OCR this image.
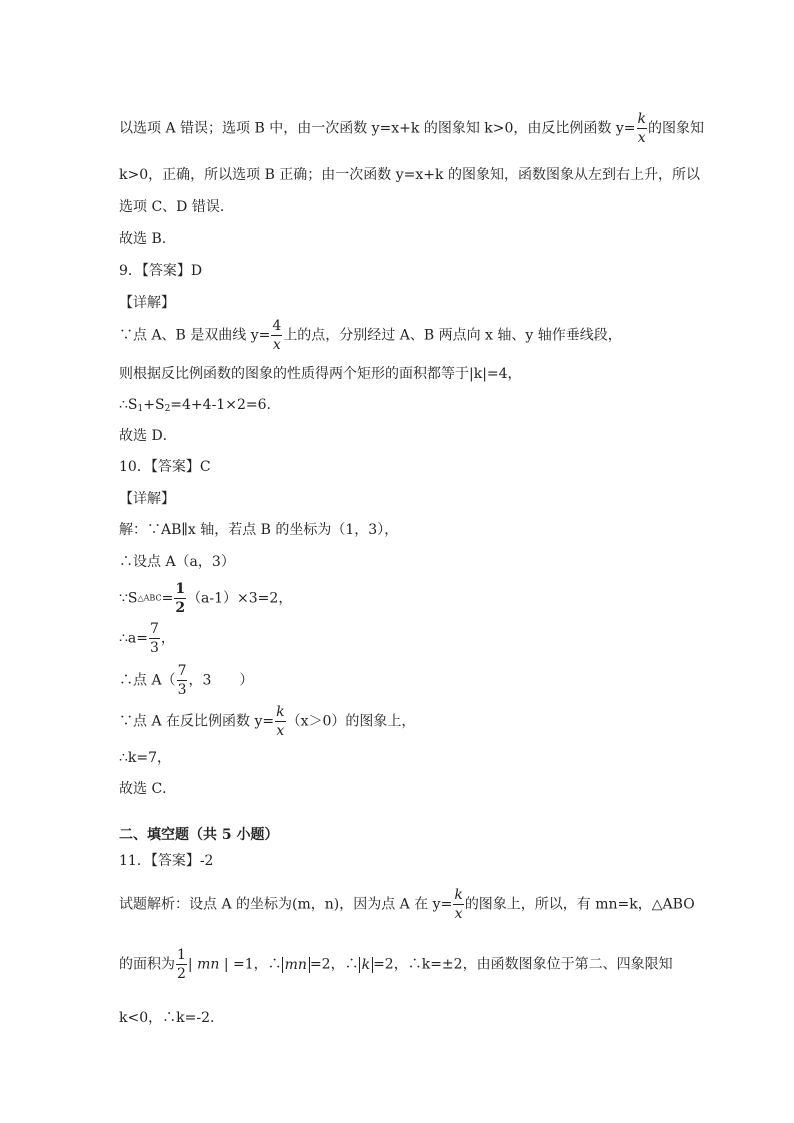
以选项 A 错误；选项 B 中，由一次函数 y=x+k 的图象知 k>0，由反比例函数 $y= \frac{k}{x}$ 的图象知
k>0，正确，所以选项 B 正确；由一次函数 y=x+k 的图象知，函数图象从左到右上升，所以
选项 C、D 错误．
故选 B.
9．【答案】D
【详解】
∵点 A、B 是双曲线 $y= \frac{4}{x}$ 上的点，分别经过 A、B 两点向 x 轴、y 轴作垂线段，
则根据反比例函数的图象的性质得两个矩形的面积都等于|k|=4，
$\therefore S_1+S_2=4+4-1\times 2=6$.
故选 D．
10．【答案】C
【详解】
解：∵AB∥x 轴，若点 B 的坐标为（1，3），
∴设点 A（a，3）
∵S△ABC= $\frac{1}{2} (a-1)\times 3=2$，
∴a= $\frac{7}{3}$ ，
∴点 $A( \frac{7}{3}$ ，3　　）
∵点 A 在反比例函数 $y= \frac{k}{x} (x>0)$的图象上，
∴k=7，
故选 C．
二、填空题（共 5 小题）
11．【答案】-2
试题解析：设点 A 的坐标为(m，n)，因为点 A 在 $y= \frac{k}{x}$ 的图象上，所以，有 mn=k，△ABO
的面积为 $\frac{1}{2}$ | mn | =1，∴ mn =2，∴ k =2，∴k=±2，由函数图象位于第二、四象限知
k<0，∴k=-2.
